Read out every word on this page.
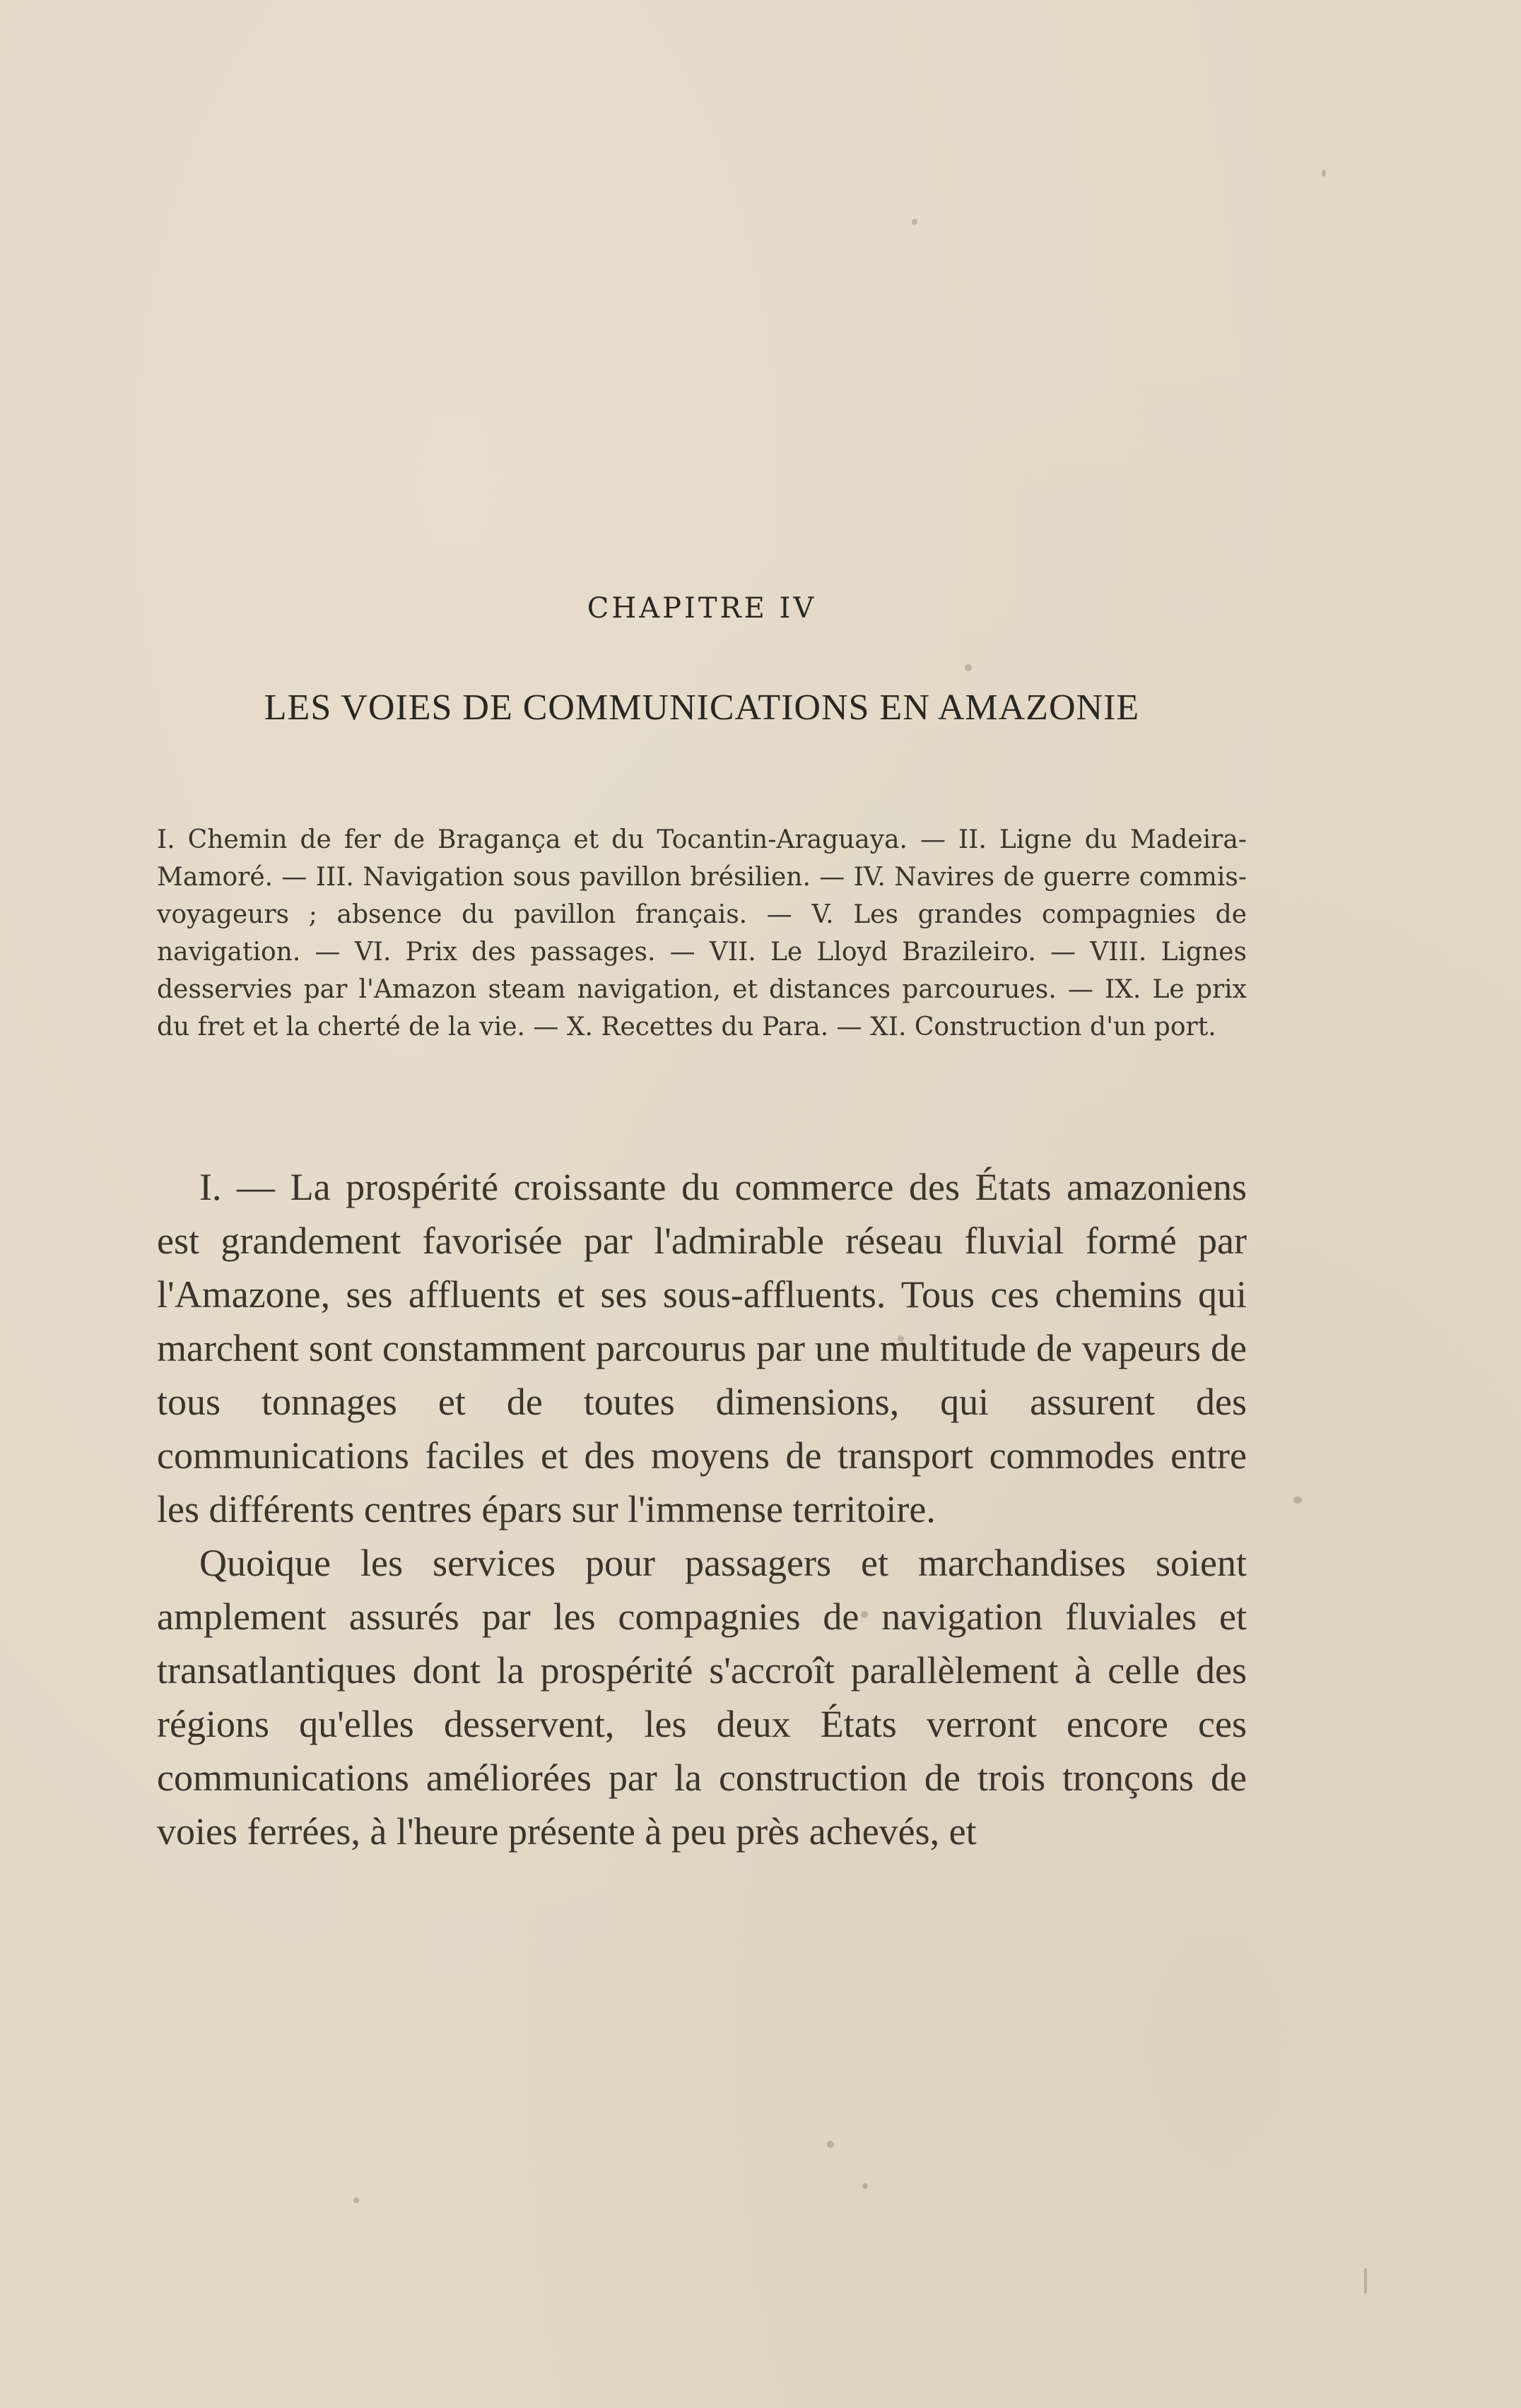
CHAPITRE IV
LES VOIES DE COMMUNICATIONS EN AMAZONIE
I. Chemin de fer de Bragança et du Tocantin-Araguaya. — II. Ligne du Madeira-Mamoré. — III. Navigation sous pavillon brésilien. — IV. Navires de guerre commis-voyageurs ; absence du pavillon français. — V. Les grandes compagnies de navigation. — VI. Prix des passages. — VII. Le Lloyd Brazileiro. — VIII. Lignes desservies par l'Amazon steam navigation, et distances parcourues. — IX. Le prix du fret et la cherté de la vie. — X. Recettes du Para. — XI. Construction d'un port.

I. — La prospérité croissante du commerce des États amazoniens est grandement favorisée par l'admirable réseau fluvial formé par l'Amazone, ses affluents et ses sous-affluents. Tous ces chemins qui marchent sont constamment parcourus par une multitude de vapeurs de tous tonnages et de toutes dimensions, qui assurent des communications faciles et des moyens de transport commodes entre les différents centres épars sur l'immense territoire.

Quoique les services pour passagers et marchandises soient amplement assurés par les compagnies de navigation fluviales et transatlantiques dont la prospérité s'accroît parallèlement à celle des régions qu'elles desservent, les deux États verront encore ces communications améliorées par la construction de trois tronçons de voies ferrées, à l'heure présente à peu près achevés, et
